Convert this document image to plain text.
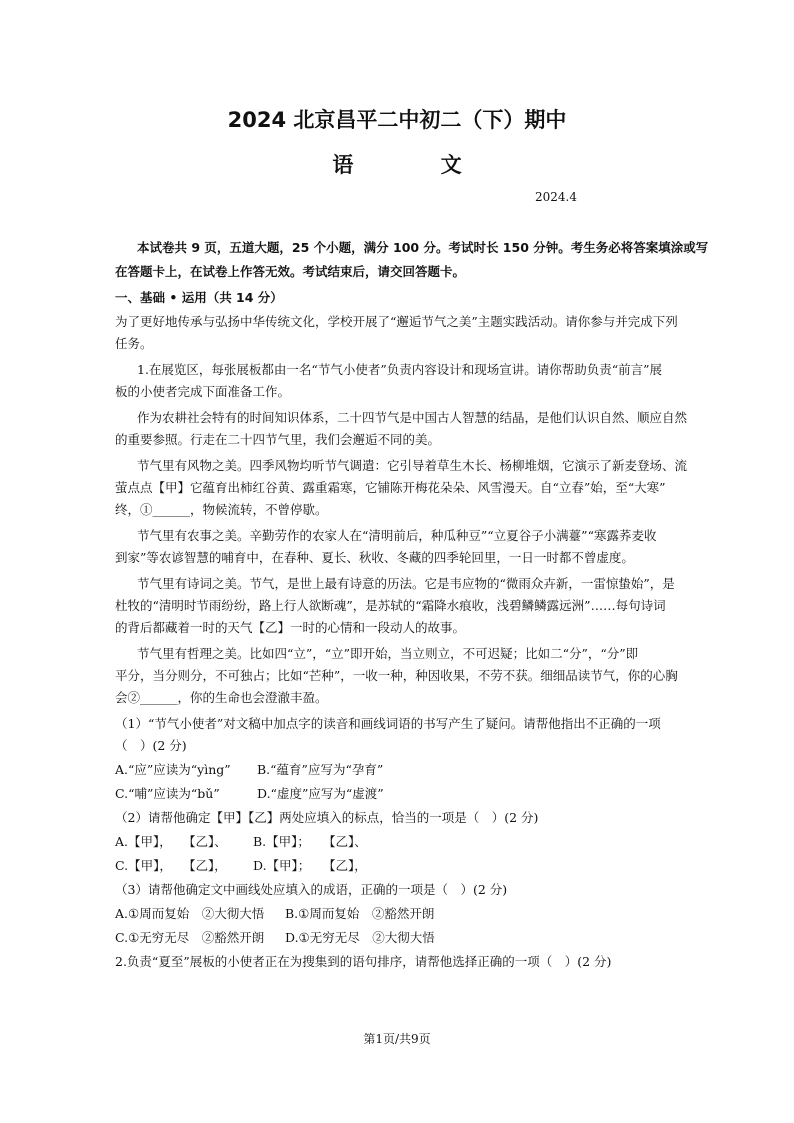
2024 北京昌平二中初二（下）期中
语 文
2024.4
本试卷共 9 页，五道大题，25 个小题，满分 100 分。考试时长 150 分钟。考生务必将答案填涂或写
在答题卡上，在试卷上作答无效。考试结束后，请交回答题卡。
一、基础 • 运用（共 14 分）
为了更好地传承与弘扬中华传统文化，学校开展了“邂逅节气之美”主题实践活动。请你参与并完成下列
任务。
1.在展览区，每张展板都由一名“节气小使者”负责内容设计和现场宣讲。请你帮助负责“前言”展
板的小使者完成下面准备工作。
作为农耕社会特有的时间知识体系，二十四节气是中国古人智慧的结晶，是他们认识自然、顺应自然
的重要参照。行走在二十四节气里，我们会邂逅不同的美。
节气里有风物之美。四季风物均听节气调遣：它引导着草生木长、杨柳堆烟，它演示了新麦登场、流
萤点点【甲】它蕴育出柿红谷黄、露重霜寒，它铺陈开梅花朵朵、风雪漫天。自“立春”始，至“大寒”
终，①______，物候流转，不曾停歇。
节气里有农事之美。辛勤劳作的农家人在“清明前后，种瓜种豆”“立夏谷子小满薹”“寒露荞麦收
到家”等农谚智慧的哺育中，在春种、夏长、秋收、冬藏的四季轮回里，一日一时都不曾虚度。
节气里有诗词之美。节气，是世上最有诗意的历法。它是韦应物的“微雨众卉新，一雷惊蛰始”，是
杜牧的“清明时节雨纷纷，路上行人欲断魂”，是苏轼的“霜降水痕收，浅碧鳞鳞露远洲”……每句诗词
的背后都藏着一时的天气【乙】一时的心情和一段动人的故事。
节气里有哲理之美。比如四“立”，“立”即开始，当立则立，不可迟疑；比如二“分”，“分”即
平分，当分则分，不可独占；比如“芒种”，一收一种，种因收果，不劳不获。细细品读节气，你的心胸
会②______，你的生命也会澄澈丰盈。
（1）“节气小使者”对文稿中加点字的读音和画线词语的书写产生了疑问。请帮他指出不正确的一项
（　）(2 分)
A.“应”应读为“yìng” B.“蕴育”应写为“孕育”
C.“哺”应读为“bǔ”	D.“虚度”应写为“虚渡”
（2）请帮他确定【甲】【乙】两处应填入的标点，恰当的一项是（　）(2 分)
A.【甲】， 【乙】、 B.【甲】； 【乙】、
C.【甲】， 【乙】， D.【甲】； 【乙】，
（3）请帮他确定文中画线处应填入的成语，正确的一项是（　）(2 分)
A.①周而复始　②大彻大悟 B.①周而复始　②豁然开朗
C.①无穷无尽　②豁然开朗 D.①无穷无尽　②大彻大悟
2.负责“夏至”展板的小使者正在为搜集到的语句排序，请帮他选择正确的一项（　）(2 分)
第1页/共9页
